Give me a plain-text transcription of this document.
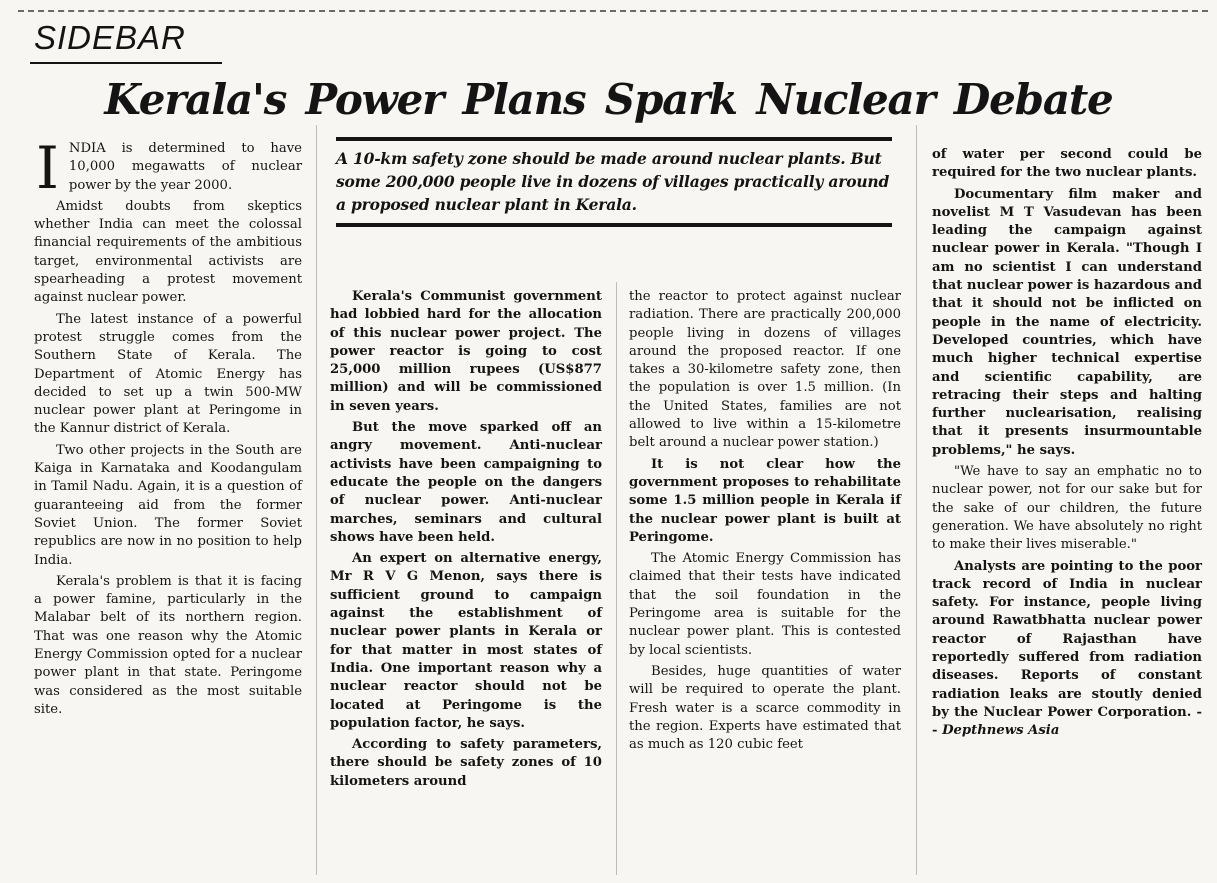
SIDEBAR
Kerala's Power Plans Spark Nuclear Debate

INDIA is determined to have 10,000 megawatts of nuclear power by the year 2000.

Amidst doubts from skeptics whether India can meet the colossal financial requirements of the ambitious target, environmental activists are spearheading a protest movement against nuclear power.

The latest instance of a powerful protest struggle comes from the Southern State of Kerala. The Department of Atomic Energy has decided to set up a twin 500-MW nuclear power plant at Peringome in the Kannur district of Kerala.

Two other projects in the South are Kaiga in Karnataka and Koodangulam in Tamil Nadu. Again, it is a question of guaranteeing aid from the former Soviet Union. The former Soviet republics are now in no position to help India.

Kerala's problem is that it is facing a power famine, particularly in the Malabar belt of its northern region. That was one reason why the Atomic Energy Commission opted for a nuclear power plant in that state. Peringome was considered as the most suitable site.

A 10-km safety zone should be made around nuclear plants. But some 200,000 people live in dozens of villages practically around a proposed nuclear plant in Kerala.

Kerala's Communist government had lobbied hard for the allocation of this nuclear power project. The power reactor is going to cost 25,000 million rupees (US$877 million) and will be commissioned in seven years.

But the move sparked off an angry movement. Anti-nuclear activists have been campaigning to educate the people on the dangers of nuclear power. Anti-nuclear marches, seminars and cultural shows have been held.

An expert on alternative energy, Mr R V G Menon, says there is sufficient ground to campaign against the establishment of nuclear power plants in Kerala or for that matter in most states of India. One important reason why a nuclear reactor should not be located at Peringome is the population factor, he says.

According to safety parameters, there should be safety zones of 10 kilometers around

the reactor to protect against nuclear radiation. There are practically 200,000 people living in dozens of villages around the proposed reactor. If one takes a 30-kilometre safety zone, then the population is over 1.5 million. (In the United States, families are not allowed to live within a 15-kilometre belt around a nuclear power station.)

It is not clear how the government proposes to rehabilitate some 1.5 million people in Kerala if the nuclear power plant is built at Peringome.

The Atomic Energy Commission has claimed that their tests have indicated that the soil foundation in the Peringome area is suitable for the nuclear power plant. This is contested by local scientists.

Besides, huge quantities of water will be required to operate the plant. Fresh water is a scarce commodity in the region. Experts have estimated that as much as 120 cubic feet

of water per second could be required for the two nuclear plants.

Documentary film maker and novelist M T Vasudevan has been leading the campaign against nuclear power in Kerala. "Though I am no scientist I can understand that nuclear power is hazardous and that it should not be inflicted on people in the name of electricity. Developed countries, which have much higher technical expertise and scientific capability, are retracing their steps and halting further nuclearisation, realising that it presents insurmountable problems," he says.

"We have to say an emphatic no to nuclear power, not for our sake but for the sake of our children, the future generation. We have absolutely no right to make their lives miserable."

Analysts are pointing to the poor track record of India in nuclear safety. For instance, people living around Rawatbhatta nuclear power reactor of Rajasthan have reportedly suffered from radiation diseases. Reports of constant radiation leaks are stoutly denied by the Nuclear Power Corporation. -- Depthnews Asia
